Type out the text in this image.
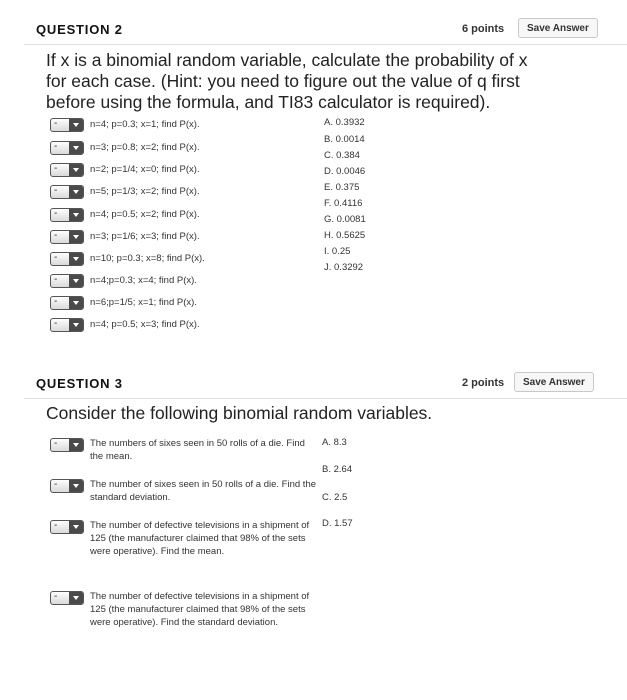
QUESTION 2	6 points	Save Answer
If x is a binomial random variable, calculate the probability of x
for each case. (Hint: you need to figure out the value of q first
before using the formula, and TI83 calculator is required).
-	n=4; p=0.3; x=1; find P(x).
-	n=3; p=0.8; x=2; find P(x).
-	n=2; p=1/4; x=0; find P(x).
-	n=5; p=1/3; x=2; find P(x).
-	n=4; p=0.5; x=2; find P(x).
-	n=3; p=1/6; x=3; find P(x).
-	n=10; p=0.3; x=8; find P(x).
-	n=4;p=0.3; x=4; find P(x).
-	n=6;p=1/5; x=1; find P(x).
-	n=4; p=0.5; x=3; find P(x).
A. 0.3932
B. 0.0014
C. 0.384
D. 0.0046
E. 0.375
F. 0.4116
G. 0.0081
H. 0.5625
I. 0.25
J. 0.3292
QUESTION 3	2 points	Save Answer
Consider the following binomial random variables.
-	The numbers of sixes seen in 50 rolls of a die. Find the mean.
-	The number of sixes seen in 50 rolls of a die. Find the standard deviation.
-	The number of defective televisions in a shipment of 125 (the manufacturer claimed that 98% of the sets were operative). Find the mean.
-	The number of defective televisions in a shipment of 125 (the manufacturer claimed that 98% of the sets were operative). Find the standard deviation.
A. 8.3
B. 2.64
C. 2.5
D. 1.57
